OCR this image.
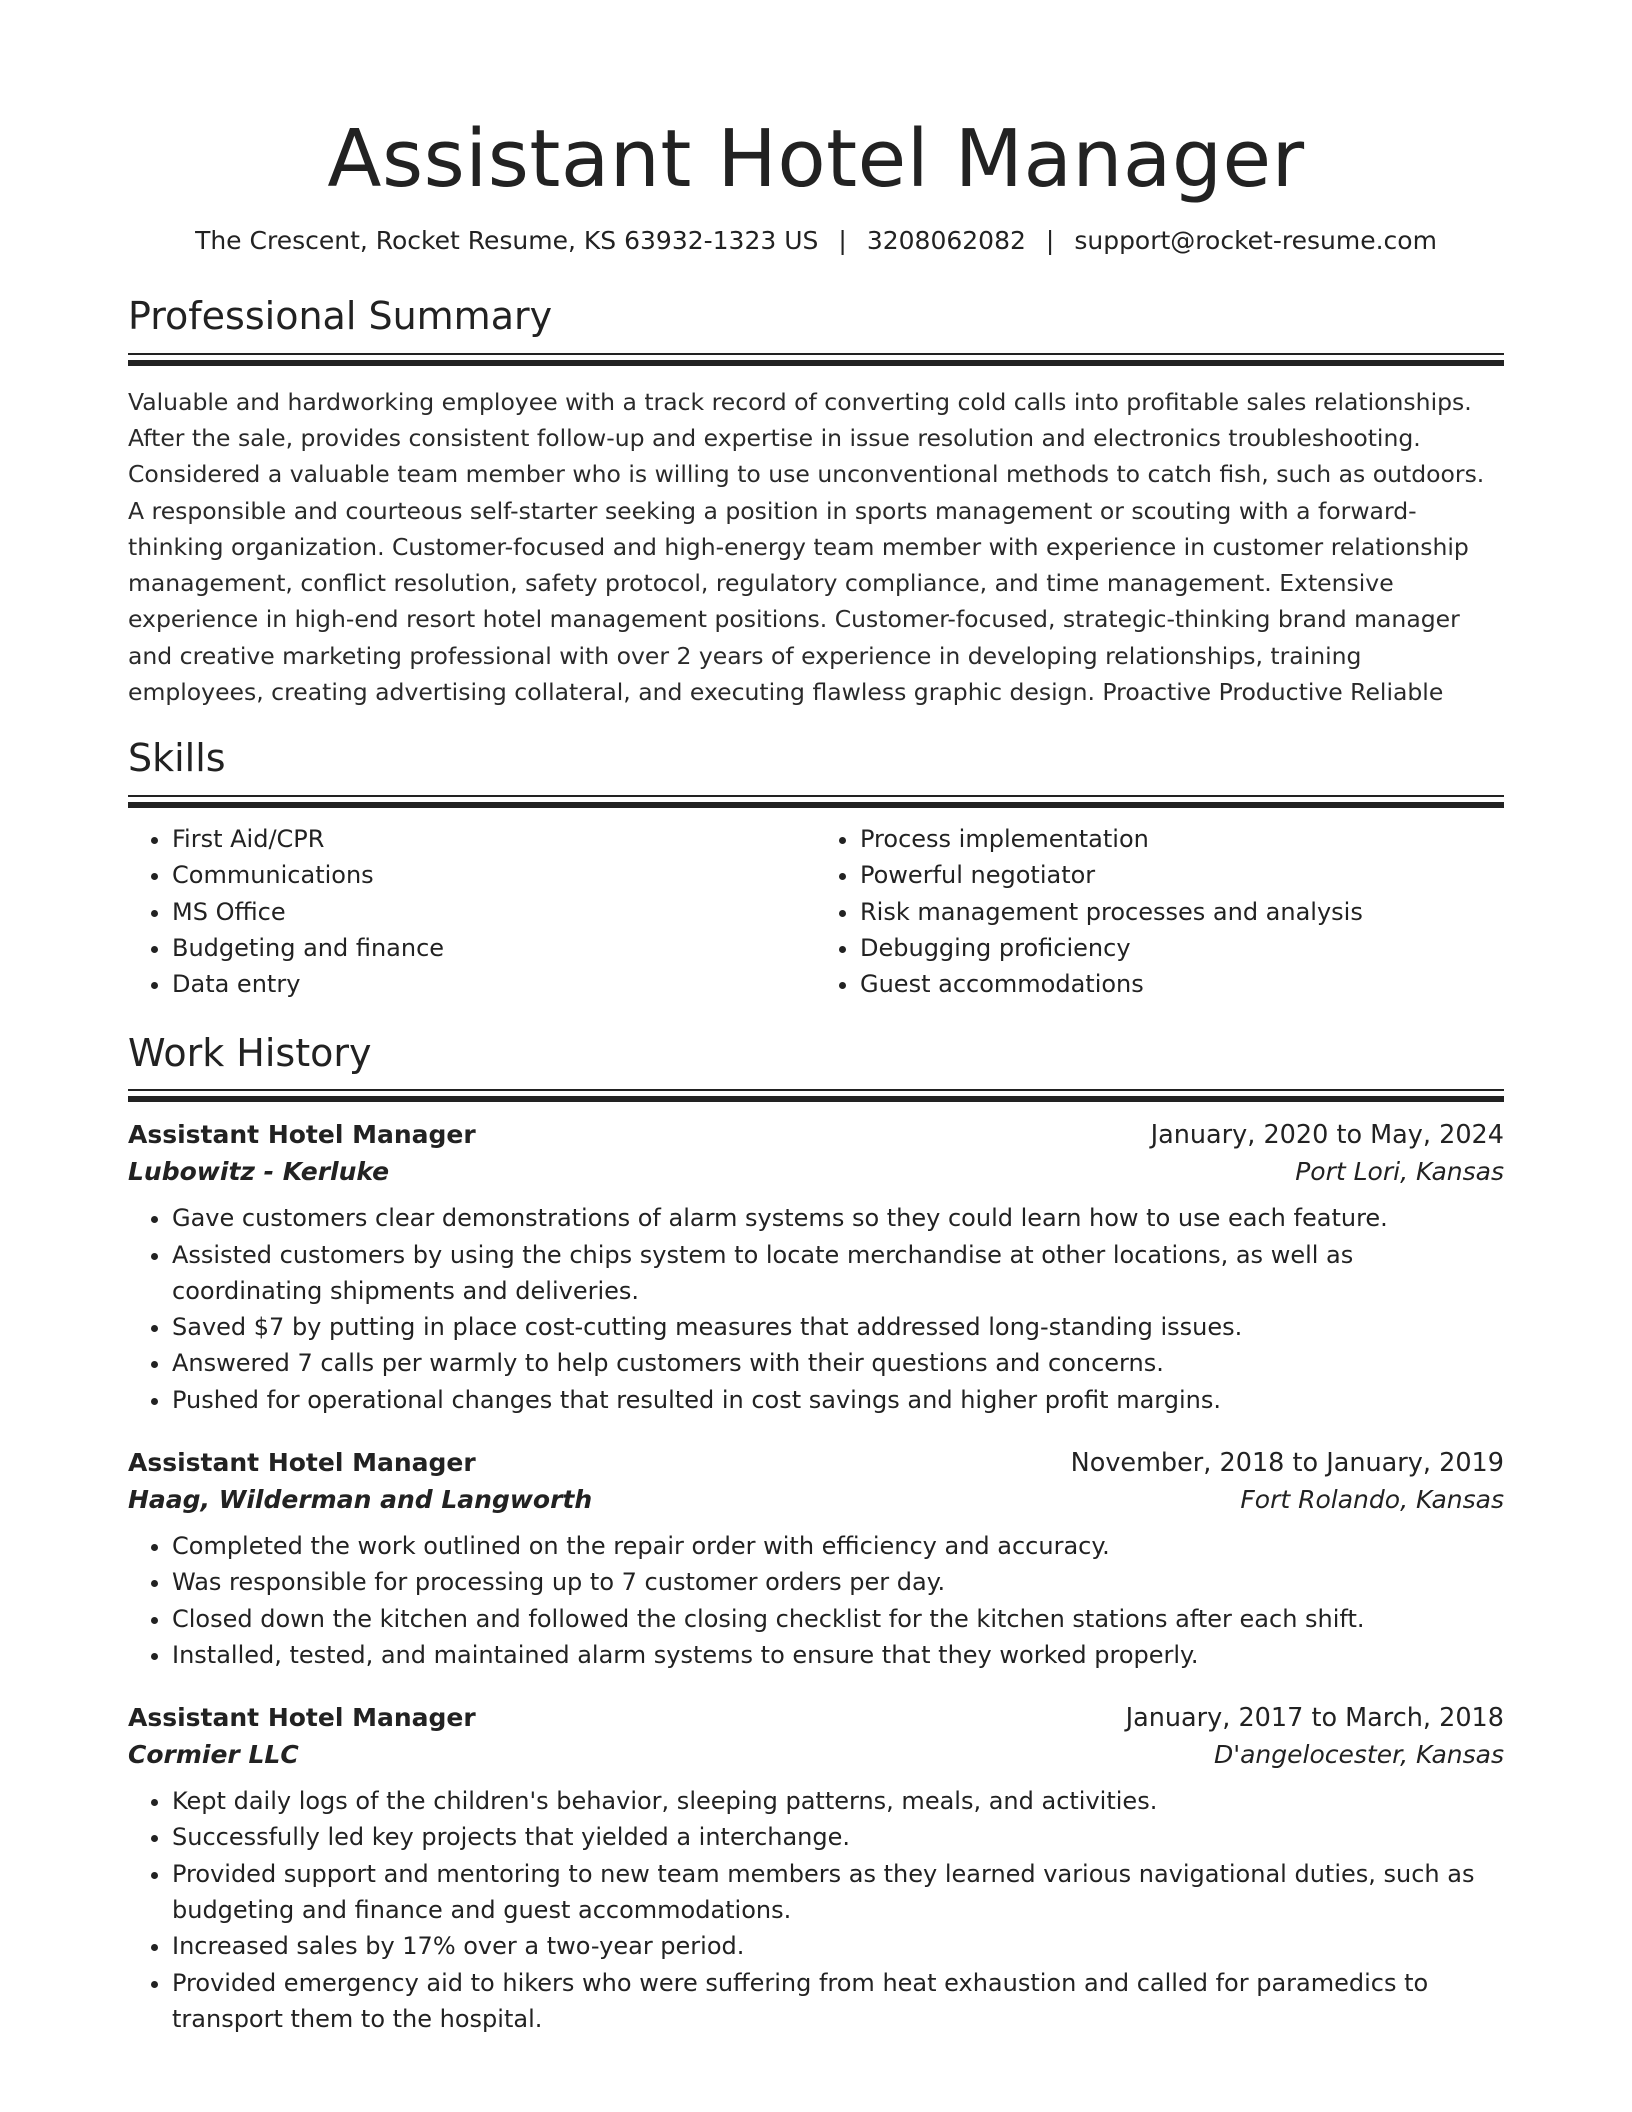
Assistant Hotel Manager
The Crescent, Rocket Resume, KS 63932-1323 US | 3208062082 | support@rocket-resume.com
Professional Summary

Valuable and hardworking employee with a track record of converting cold calls into profitable sales relationships. After the sale, provides consistent follow-up and expertise in issue resolution and electronics troubleshooting. Considered a valuable team member who is willing to use unconventional methods to catch fish, such as outdoors. A responsible and courteous self-starter seeking a position in sports management or scouting with a forward-thinking organization. Customer-focused and high-energy team member with experience in customer relationship management, conflict resolution, safety protocol, regulatory compliance, and time management. Extensive experience in high-end resort hotel management positions. Customer-focused, strategic-thinking brand manager and creative marketing professional with over 2 years of experience in developing relationships, training employees, creating advertising collateral, and executing flawless graphic design. Proactive Productive Reliable

Skills
• First Aid/CPR
• Communications
• MS Office
• Budgeting and finance
• Data entry
• Process implementation
• Powerful negotiator
• Risk management processes and analysis
• Debugging proficiency
• Guest accommodations
Work History
Assistant Hotel Manager	January, 2020 to May, 2024
Lubowitz - Kerluke	Port Lori, Kansas
• Gave customers clear demonstrations of alarm systems so they could learn how to use each feature.
• Assisted customers by using the chips system to locate merchandise at other locations, as well as coordinating shipments and deliveries.
• Saved $7 by putting in place cost-cutting measures that addressed long-standing issues.
• Answered 7 calls per warmly to help customers with their questions and concerns.
• Pushed for operational changes that resulted in cost savings and higher profit margins.
Assistant Hotel Manager	November, 2018 to January, 2019
Haag, Wilderman and Langworth	Fort Rolando, Kansas
• Completed the work outlined on the repair order with efficiency and accuracy.
• Was responsible for processing up to 7 customer orders per day.
• Closed down the kitchen and followed the closing checklist for the kitchen stations after each shift.
• Installed, tested, and maintained alarm systems to ensure that they worked properly.
Assistant Hotel Manager	January, 2017 to March, 2018
Cormier LLC	D'angelocester, Kansas
• Kept daily logs of the children's behavior, sleeping patterns, meals, and activities.
• Successfully led key projects that yielded a interchange.
• Provided support and mentoring to new team members as they learned various navigational duties, such as budgeting and finance and guest accommodations.
• Increased sales by 17% over a two-year period.
• Provided emergency aid to hikers who were suffering from heat exhaustion and called for paramedics to transport them to the hospital.
